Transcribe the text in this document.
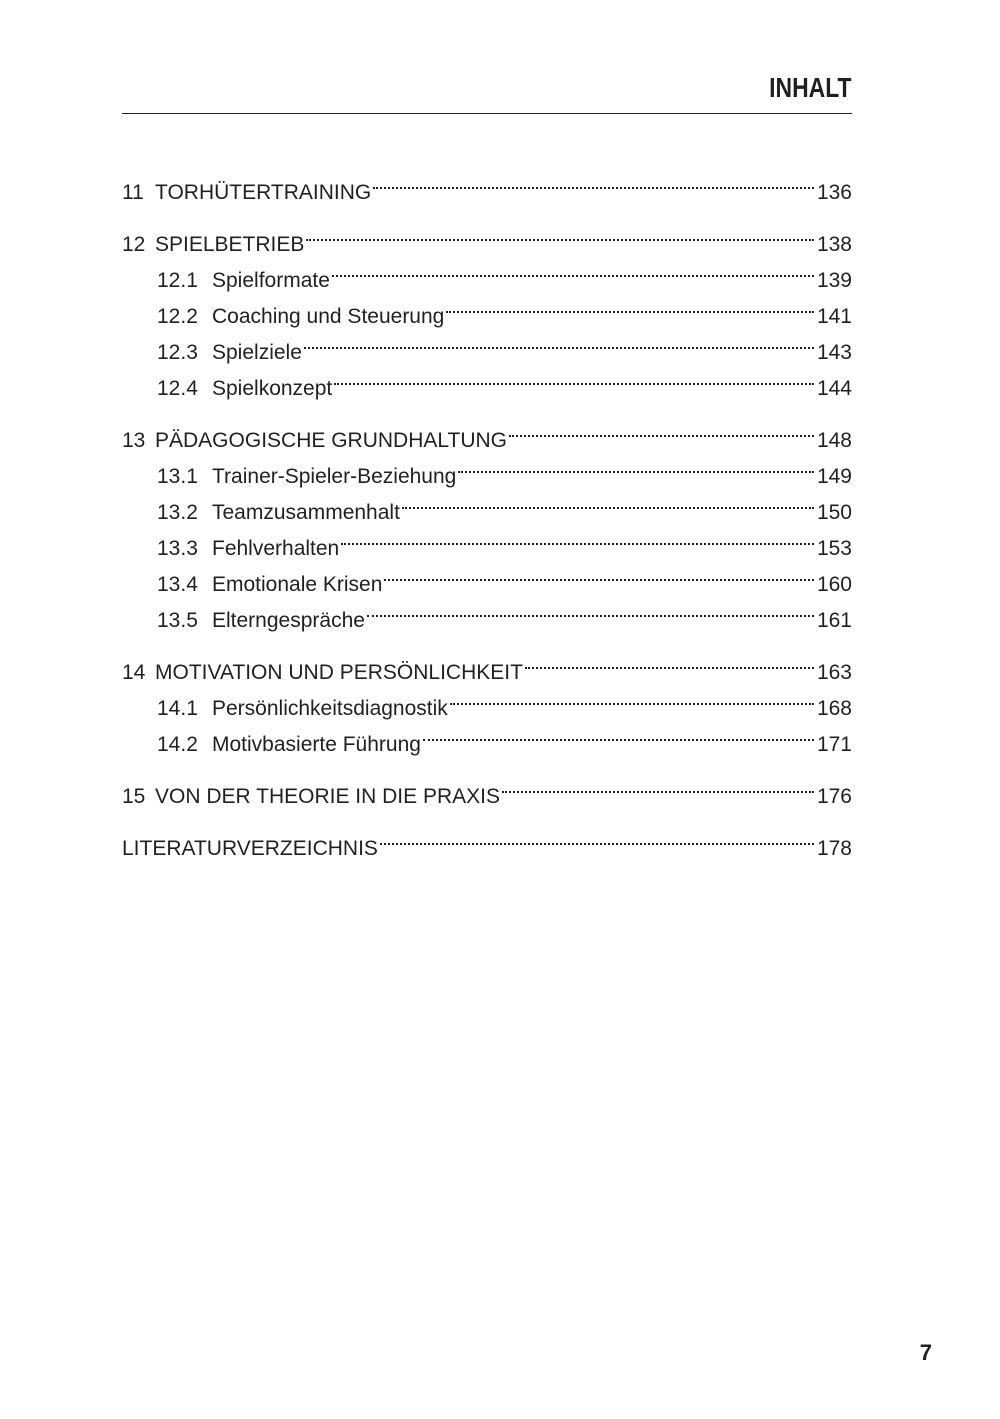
INHALT
11 TORHÜTERTRAINING	136
12 SPIELBETRIEB	138
12.1 Spielformate	139
12.2 Coaching und Steuerung	141
12.3 Spielziele	143
12.4 Spielkonzept	144
13 PÄDAGOGISCHE GRUNDHALTUNG	148
13.1 Trainer-Spieler-Beziehung	149
13.2 Teamzusammenhalt	150
13.3 Fehlverhalten	153
13.4 Emotionale Krisen	160
13.5 Elterngespräche	161
14 MOTIVATION UND PERSÖNLICHKEIT	163
14.1 Persönlichkeitsdiagnostik	168
14.2 Motivbasierte Führung	171
15 VON DER THEORIE IN DIE PRAXIS	176
LITERATURVERZEICHNIS	178
7
